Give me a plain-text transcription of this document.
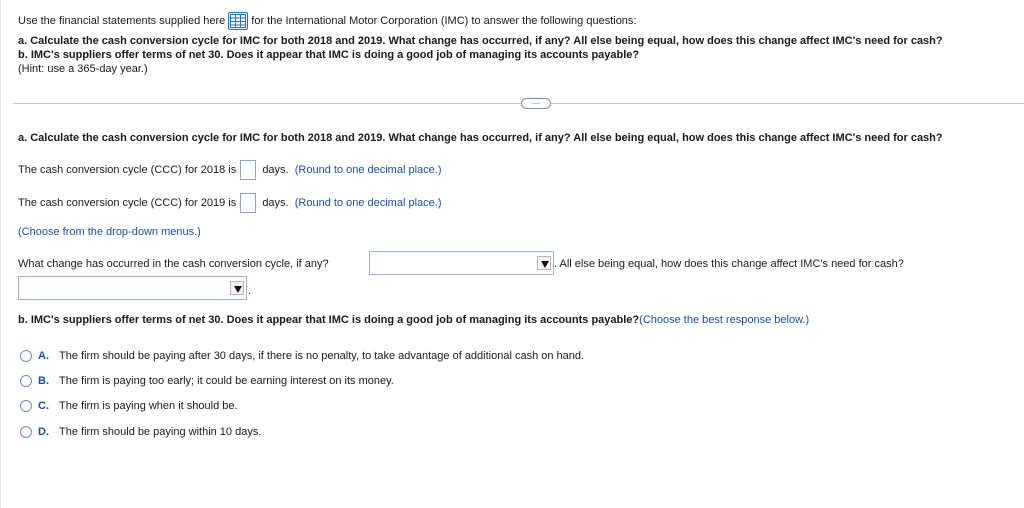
Use the financial statements supplied here for the International Motor Corporation (IMC) to answer the following questions:
a. Calculate the cash conversion cycle for IMC for both 2018 and 2019. What change has occurred, if any? All else being equal, how does this change affect IMC's need for cash?
b. IMC's suppliers offer terms of net 30. Does it appear that IMC is doing a good job of managing its accounts payable?
(Hint: use a 365-day year.)
···
a. Calculate the cash conversion cycle for IMC for both 2018 and 2019. What change has occurred, if any? All else being equal, how does this change affect IMC's need for cash?
The cash conversion cycle (CCC) for 2018 is days. (Round to one decimal place.)
The cash conversion cycle (CCC) for 2019 is days. (Round to one decimal place.)
(Choose from the drop-down menus.)
What change has occurred in the cash conversion cycle, if any?	. All else being equal, how does this change affect IMC's need for cash?
.
b. IMC's suppliers offer terms of net 30. Does it appear that IMC is doing a good job of managing its accounts payable?(Choose the best response below.)
A. The firm should be paying after 30 days, if there is no penalty, to take advantage of additional cash on hand.
B. The firm is paying too early; it could be earning interest on its money.
C. The firm is paying when it should be.
D. The firm should be paying within 10 days.
